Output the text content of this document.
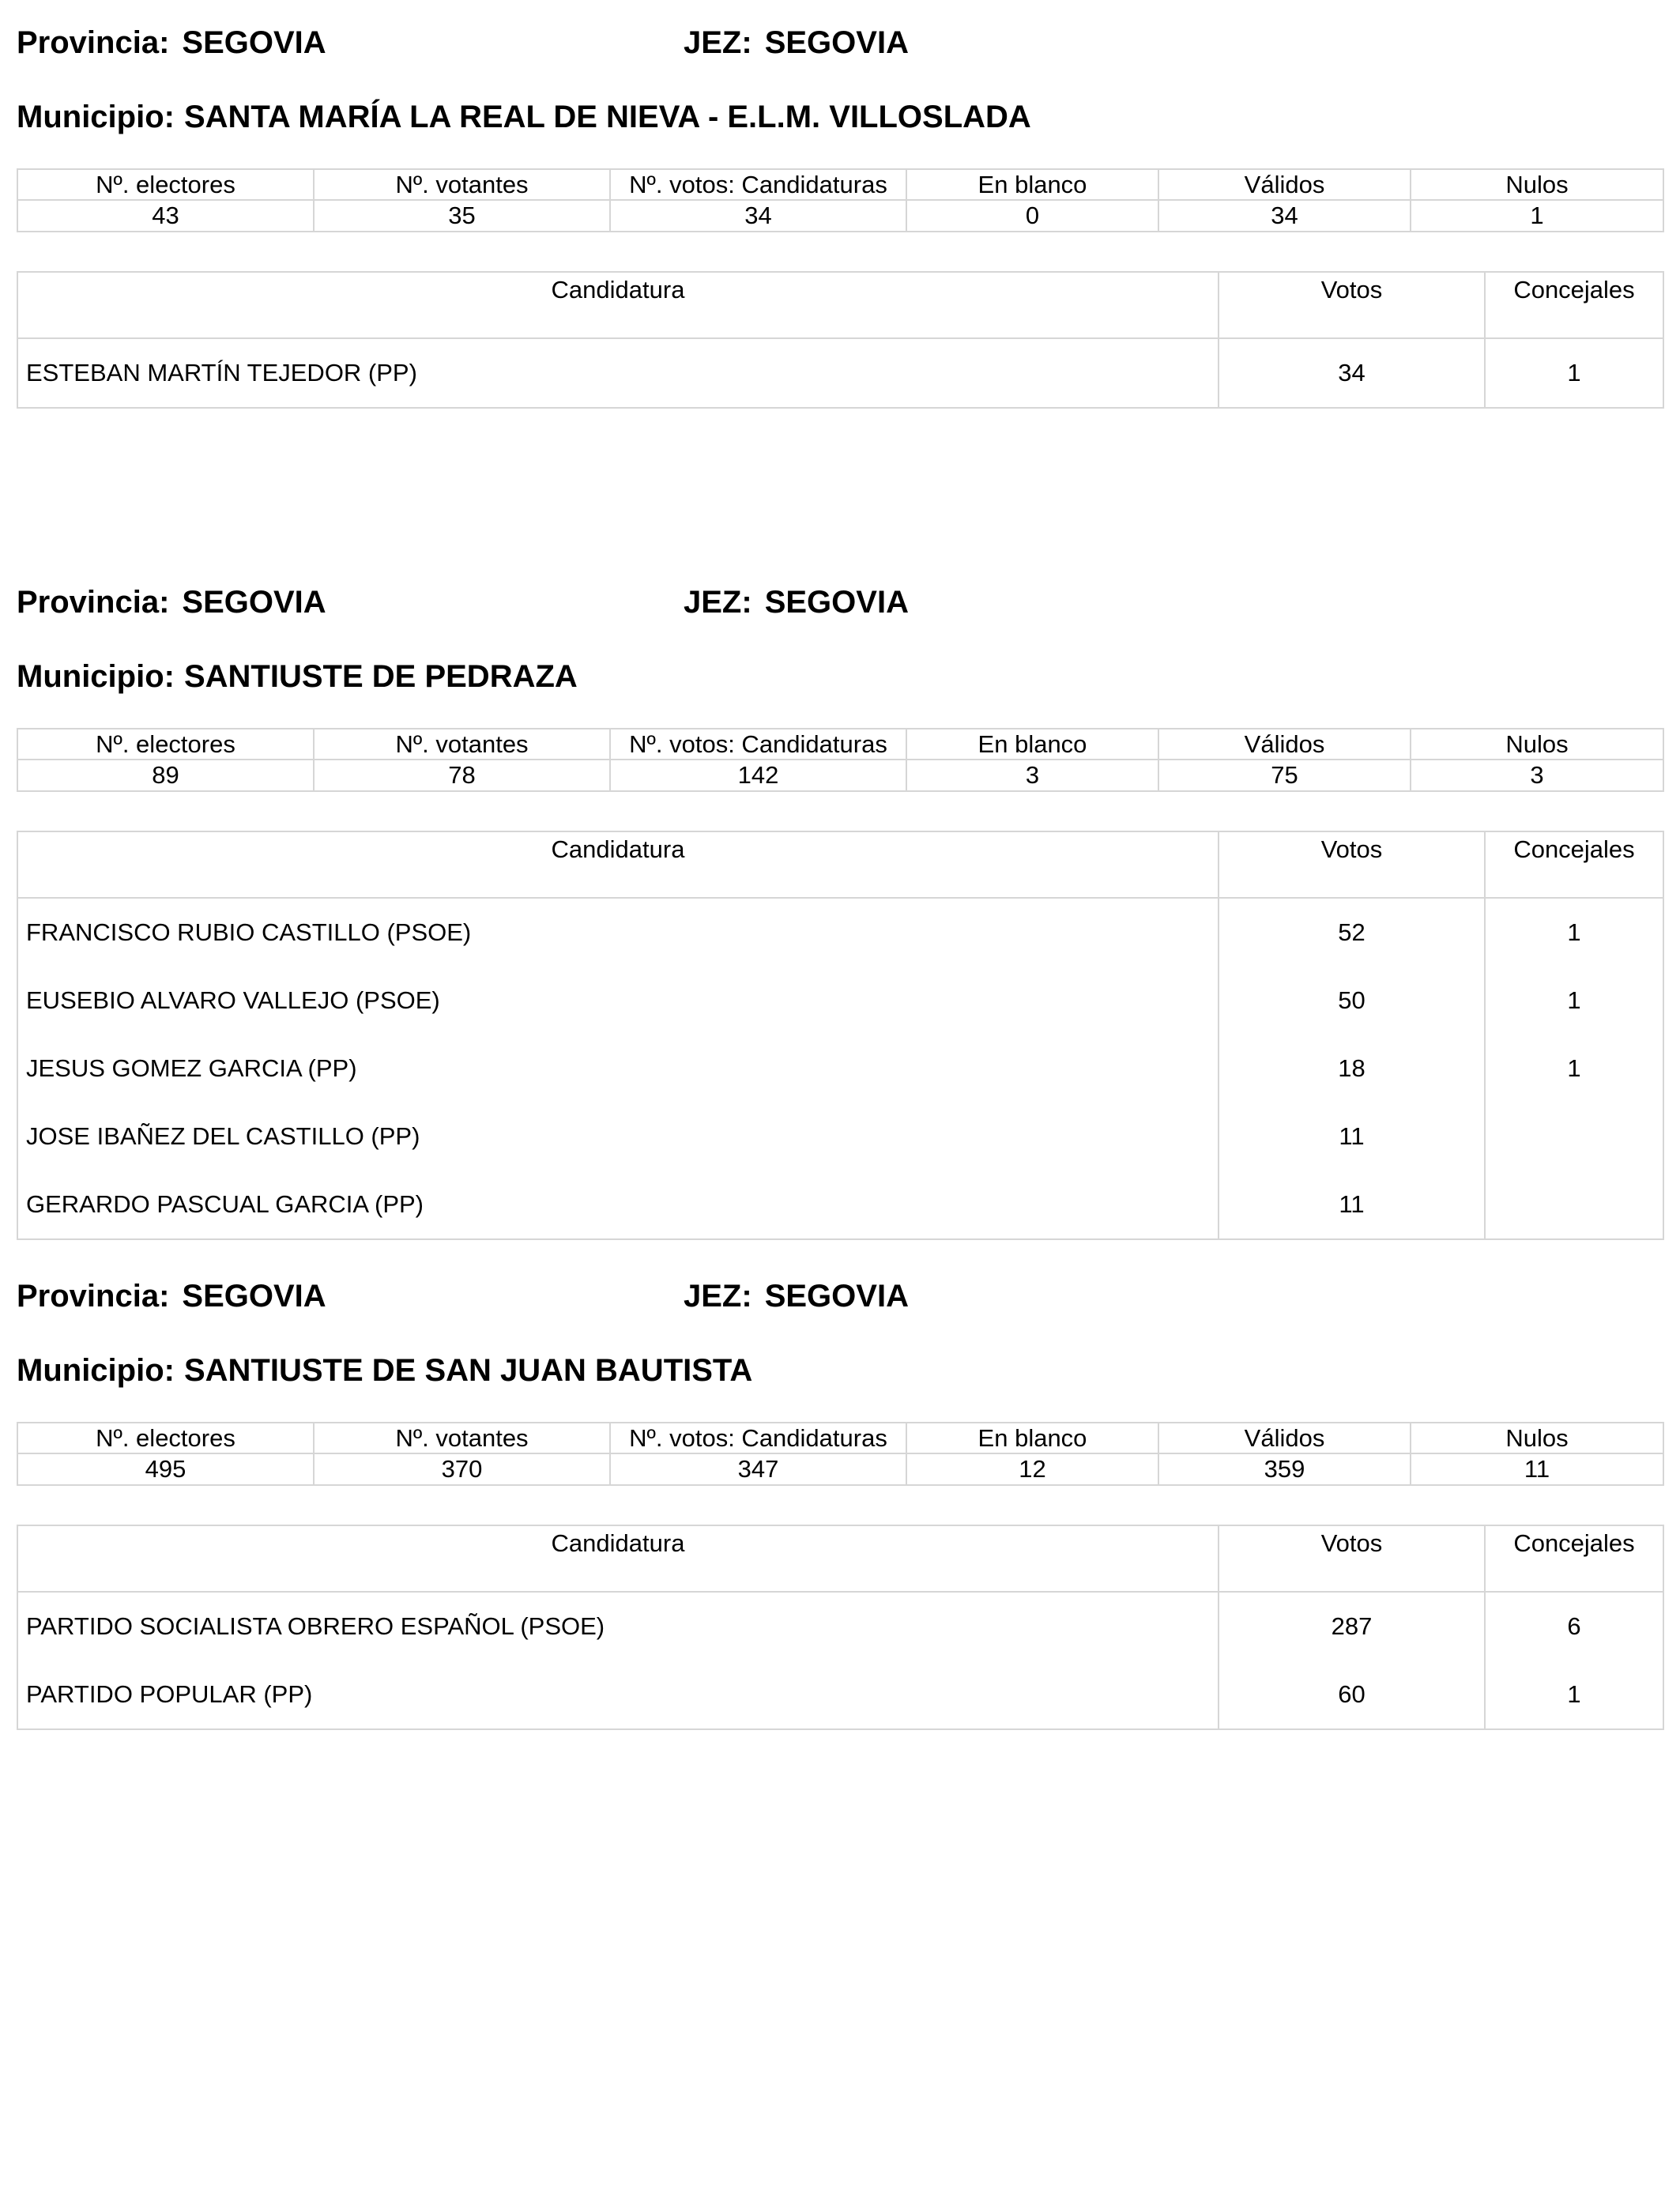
Provincia: SEGOVIA	JEZ: SEGOVIA
Municipio: SANTA MARÍA LA REAL DE NIEVA - E.L.M. VILLOSLADA
Nº. electores	Nº. votantes	Nº. votos: Candidaturas	En blanco	Válidos	Nulos
43	35	34	0	34	1
Candidatura	Votos	Concejales
ESTEBAN MARTÍN TEJEDOR (PP)	34	1
Provincia: SEGOVIA	JEZ: SEGOVIA
Municipio: SANTIUSTE DE PEDRAZA
Nº. electores	Nº. votantes	Nº. votos: Candidaturas	En blanco	Válidos	Nulos
89	78	142	3	75	3
Candidatura	Votos	Concejales
FRANCISCO RUBIO CASTILLO (PSOE)	52	1
EUSEBIO ALVARO VALLEJO (PSOE)	50	1
JESUS GOMEZ GARCIA (PP)	18	1
JOSE IBAÑEZ DEL CASTILLO (PP)	11	
GERARDO PASCUAL GARCIA (PP)	11	
Provincia: SEGOVIA	JEZ: SEGOVIA
Municipio: SANTIUSTE DE SAN JUAN BAUTISTA
Nº. electores	Nº. votantes	Nº. votos: Candidaturas	En blanco	Válidos	Nulos
495	370	347	12	359	11
Candidatura	Votos	Concejales
PARTIDO SOCIALISTA OBRERO ESPAÑOL (PSOE)	287	6
PARTIDO POPULAR (PP)	60	1
